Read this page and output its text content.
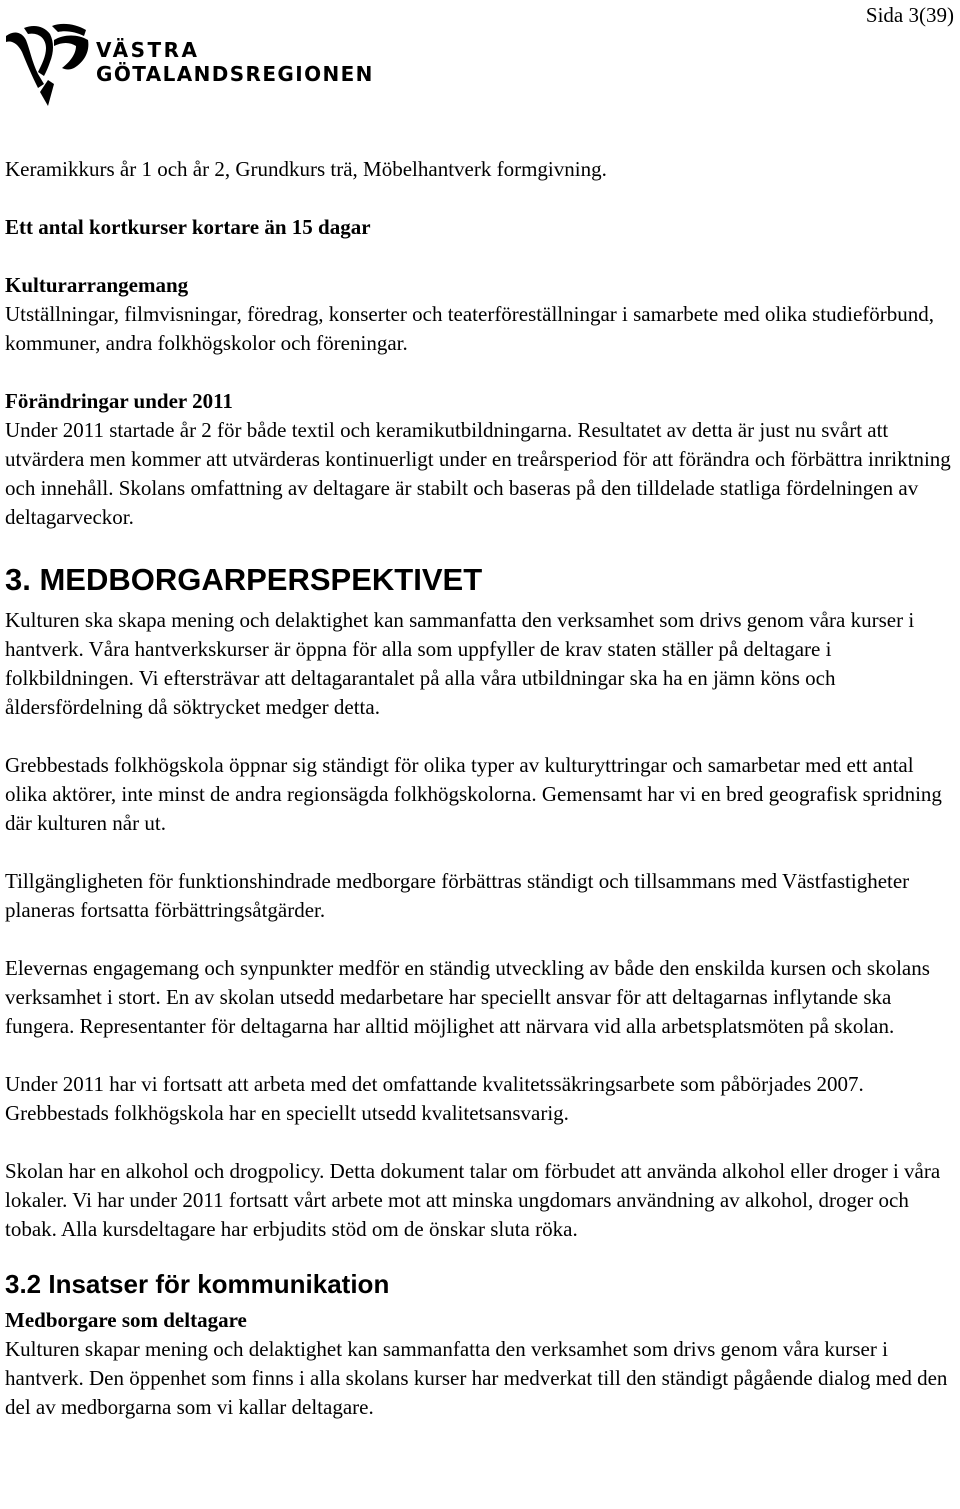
Sida 3(39)
VÄSTRA
GÖTALANDSREGIONEN

Keramikkurs år 1 och år 2, Grundkurs trä, Möbelhantverk formgivning.

Ett antal kortkurser kortare än 15 dagar

Kulturarrangemang

Utställningar, filmvisningar, föredrag, konserter och teaterföreställningar i samarbete med olika studieförbund, kommuner, andra folkhögskolor och föreningar.

Förändringar under 2011

Under 2011 startade år 2 för både textil och keramikutbildningarna. Resultatet av detta är just nu svårt att utvärdera men kommer att utvärderas kontinuerligt under en treårsperiod för att förändra och förbättra inriktning och innehåll. Skolans omfattning av deltagare är stabilt och baseras på den tilldelade statliga fördelningen av deltagarveckor.

3. MEDBORGARPERSPEKTIVET

Kulturen ska skapa mening och delaktighet kan sammanfatta den verksamhet som drivs genom våra kurser i hantverk. Våra hantverkskurser är öppna för alla som uppfyller de krav staten ställer på deltagare i folkbildningen. Vi eftersträvar att deltagarantalet på alla våra utbildningar ska ha en jämn köns och åldersfördelning då söktrycket medger detta.

Grebbestads folkhögskola öppnar sig ständigt för olika typer av kulturyttringar och samarbetar med ett antal olika aktörer, inte minst de andra regionsägda folkhögskolorna. Gemensamt har vi en bred geografisk spridning där kulturen når ut.

Tillgängligheten för funktionshindrade medborgare förbättras ständigt och tillsammans med Västfastigheter planeras fortsatta förbättringsåtgärder.

Elevernas engagemang och synpunkter medför en ständig utveckling av både den enskilda kursen och skolans verksamhet i stort. En av skolan utsedd medarbetare har speciellt ansvar för att deltagarnas inflytande ska fungera. Representanter för deltagarna har alltid möjlighet att närvara vid alla arbetsplatsmöten på skolan.

Under 2011 har vi fortsatt att arbeta med det omfattande kvalitetssäkringsarbete som påbörjades 2007. Grebbestads folkhögskola har en speciellt utsedd kvalitetsansvarig.

Skolan har en alkohol och drogpolicy. Detta dokument talar om förbudet att använda alkohol eller droger i våra lokaler. Vi har under 2011 fortsatt vårt arbete mot att minska ungdomars användning av alkohol, droger och tobak. Alla kursdeltagare har erbjudits stöd om de önskar sluta röka.

3.2 Insatser för kommunikation

Medborgare som deltagare

Kulturen skapar mening och delaktighet kan sammanfatta den verksamhet som drivs genom våra kurser i hantverk. Den öppenhet som finns i alla skolans kurser har medverkat till den ständigt pågående dialog med den del av medborgarna som vi kallar deltagare.
